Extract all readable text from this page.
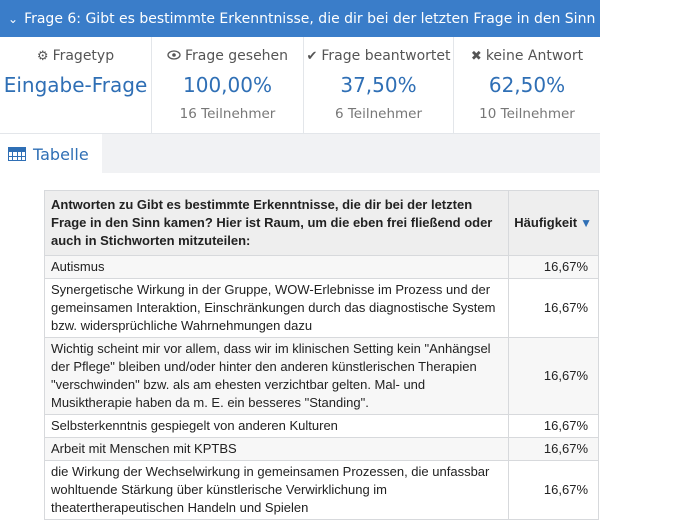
⌄ Frage 6: Gibt es bestimmte Erkenntnisse, die dir bei der letzten Frage in den Sinn kamen?..."
⚙ Fragetyp
Eingabe-Frage
Frage gesehen
100,00%
16 Teilnehmer
✔ Frage beantwortet
37,50%
6 Teilnehmer
✖ keine Antwort
62,50%
10 Teilnehmer
Tabelle
Antworten zu Gibt es bestimmte Erkenntnisse, die dir bei der letzten Frage in den Sinn kamen? Hier ist Raum, um die eben frei fließend oder auch in Stichworten mitzuteilen:	Häufigkeit ▼
Autismus	16,67%
Synergetische Wirkung in der Gruppe, WOW-Erlebnisse im Prozess und der gemeinsamen Interaktion, Einschränkungen durch das diagnostische System bzw. widersprüchliche Wahrnehmungen dazu	16,67%
Wichtig scheint mir vor allem, dass wir im klinischen Setting kein "Anhängsel der Pflege" bleiben und/oder hinter den anderen künstlerischen Therapien "verschwinden" bzw. als am ehesten verzichtbar gelten. Mal- und Musiktherapie haben da m. E. ein besseres "Standing".	16,67%
Selbsterkenntnis gespiegelt von anderen Kulturen	16,67%
Arbeit mit Menschen mit KPTBS	16,67%
die Wirkung der Wechselwirkung in gemeinsamen Prozessen, die unfassbar wohltuende Stärkung über künstlerische Verwirklichung im theatertherapeutischen Handeln und Spielen	16,67%
